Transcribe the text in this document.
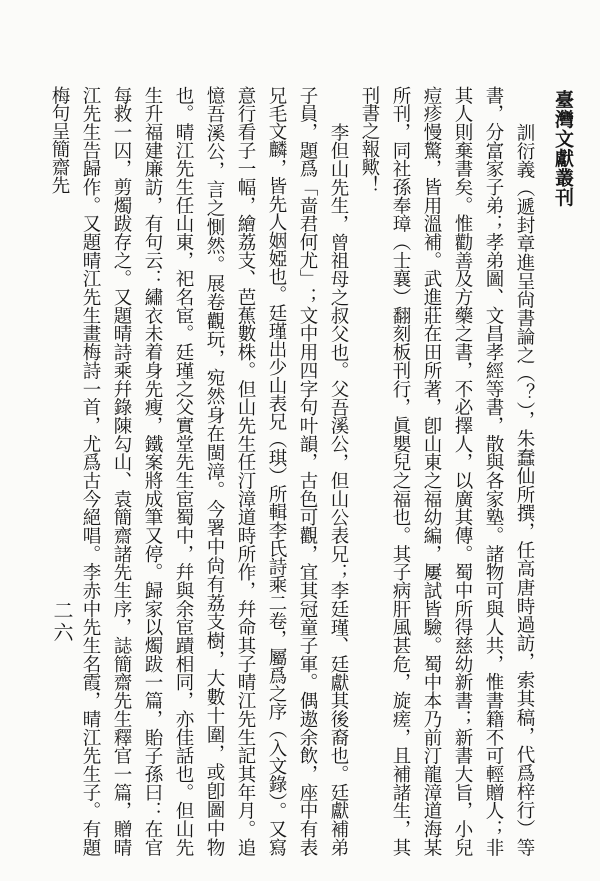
臺灣文獻叢刊

訓衍義（遞封章進呈尙書論之（？），朱蠢仙所撰，任高唐時過訪，索其稿，代爲梓行）等書，分富家子弟；孝弟圖、文昌孝經等書，散與各家塾。諸物可與人共，惟書籍不可輕贈人；非其人則棄書矣。惟勸善及方藥之書，不必擇人，以廣其傳。蜀中所得慈幼新書；新書大旨，小兒痘疹慢驚，皆用溫補。武進莊在田所著，卽山東之福幼編，屢試皆驗。蜀中本乃前汀龍漳道海某所刊，同社孫奉璋（士襄）翻刻板刊行，眞嬰兒之福也。其子病肝風甚危，旋瘥，且補諸生，其刊書之報歟！

李但山先生，曾祖母之叔父也。父吾溪公，但山公表兄；李廷瑾、廷獻其後裔也。廷獻補弟子員，題爲「啬君何尤」；文中用四字句叶韻，古色可觀，宜其冠童子軍。偶遨余飲，座中有表兄毛文麟，皆先人姻婭也。廷瑾出少山表兄（琪）所輯李氏詩乘二卷，屬爲之序（入文錄）。又寫意行看子一幅，繪荔支、芭蕉數株。但山先生任汀漳道時所作，幷命其子晴江先生記其年月。追憶吾溪公，言之惻然。展卷觀玩，宛然身在閩漳。今署中尙有荔支樹，大數十圍，或卽圖中物也。晴江先生任山東，祀名宦。廷瑾之父實堂先生宦蜀中，幷與余宦蹟相同，亦佳話也。但山先生升福建廉訪，有句云：繡衣未着身先瘦，鐵案將成筆又停。歸家以燭跋一篇，貽子孫曰：在官每救一囚，剪燭跋存之。又題晴詩乘幷錄陳勾山、袁簡齋諸先生序，誌簡齋先生釋官一篇，贈晴江先生告歸作。又題晴江先生畫梅詩一首，尤爲古今絕唱。李赤中先生名霞，晴江先生子。有題梅句呈簡齋先

二六
